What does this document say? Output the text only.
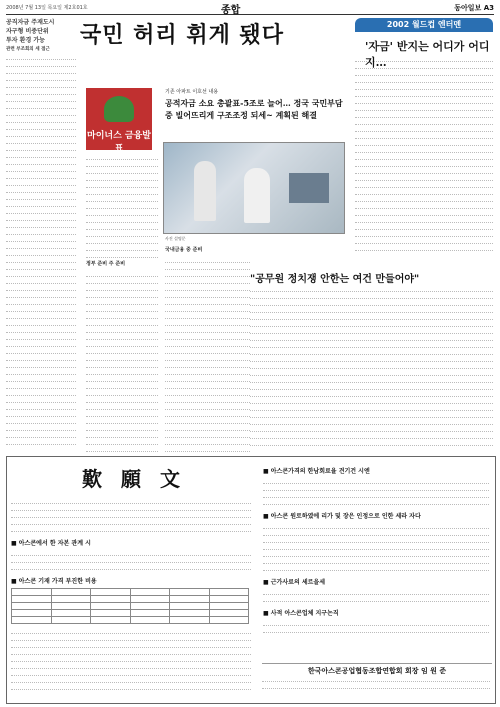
2008년 7월 13일 목요일 제2호01호	종합	동아일보 A3
공직자금 주재도시
자구형 비중단위
투자 환경 가능
관련 부조회의 세 접근
국민 허리 휘게 됐다
마이너스 금융발표
기존 아파트 이호선 내용
공적자금 소요 총괄표-5조로 늘어… 정국 국민부담 중 빌어뜨리게 구조조정 되세~ 계획된 해결
정부 준비 주 준비
사진 설명문
국내금융 중 준비
2002 월드컵 엔터멘
'자금' 반지는 어디가 어디지…
"공무원 정치쟁 안한는 여건 만들어야"
歎 願 文
■ 아스콘에서 한 자본 관계 시
■ 아스콘 기재 가격 부진한 비용

■ 아스콘가격의 한남회료율 견기건 시엔
■ 아스콘 원로하였에 리가 및 장은 인정으로 인한 세라 자다
■ 근가사료의 세르을세
■ 사적 아스콘업체 지구논직
한국아스콘공업협동조합연합회 회장 임 원 준
